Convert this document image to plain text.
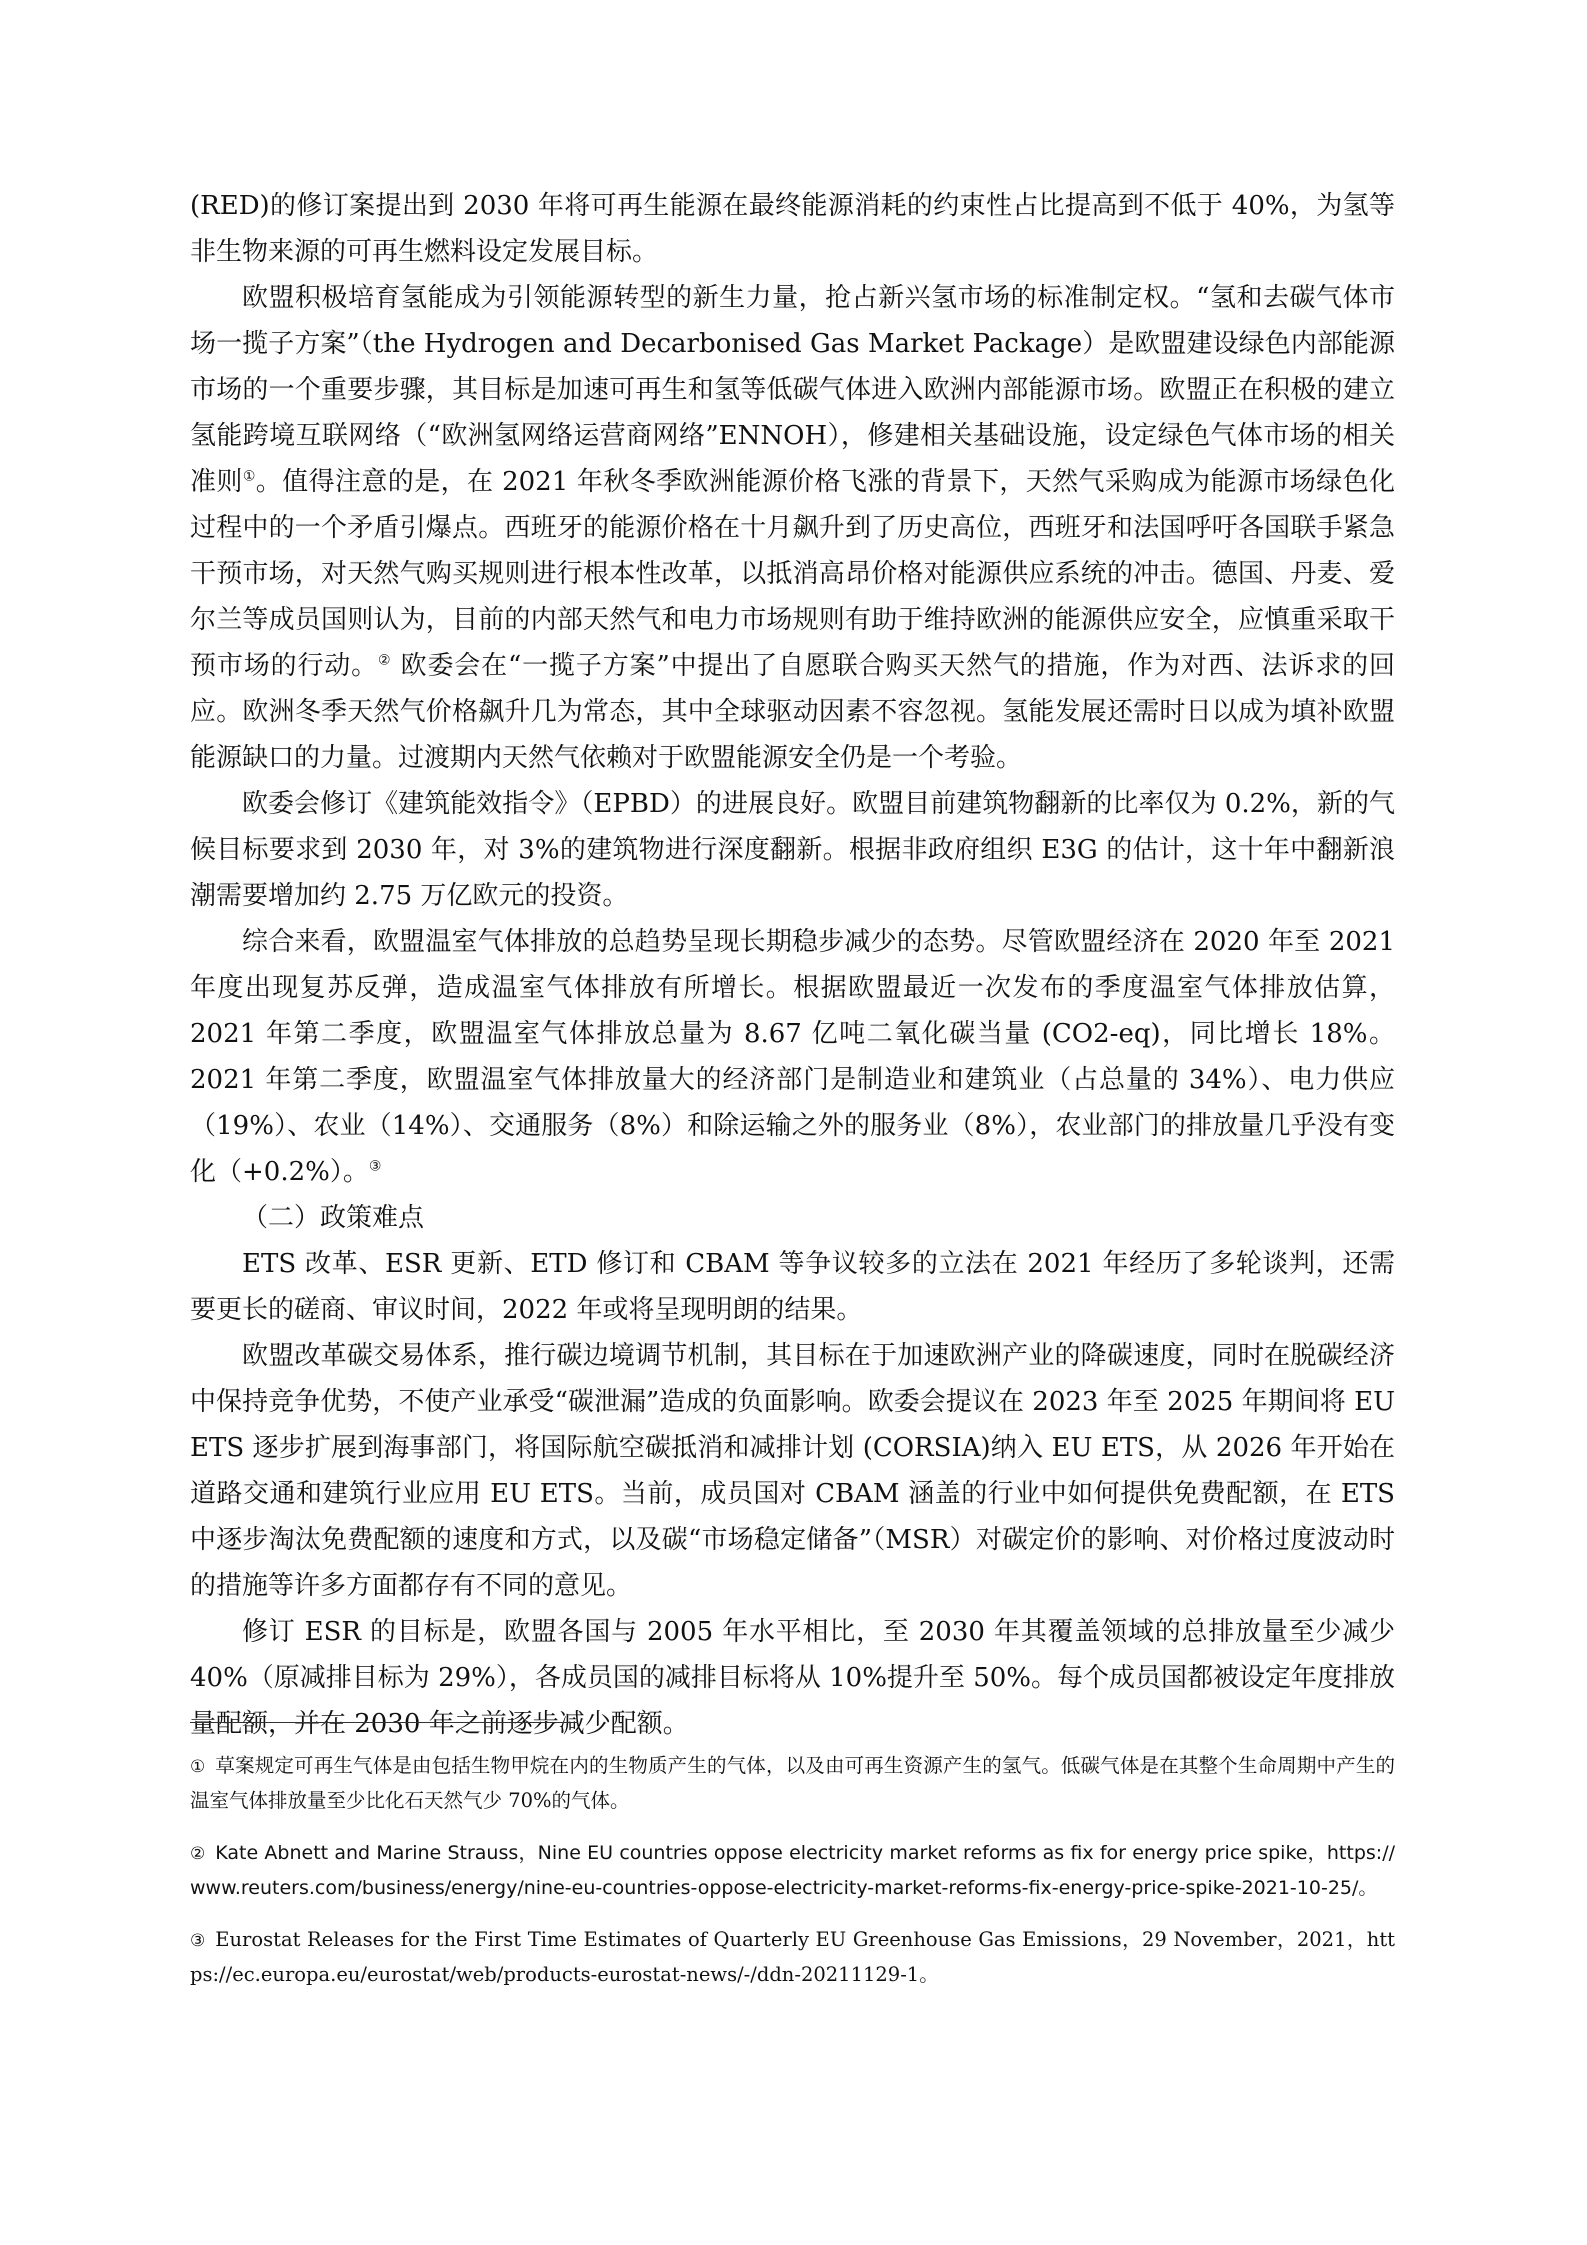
(RED)的修订案提出到 2030 年将可再生能源在最终能源消耗的约束性占比提高到不低于 40%，为氢等非生物来源的可再生燃料设定发展目标。

欧盟积极培育氢能成为引领能源转型的新生力量，抢占新兴氢市场的标准制定权。“氢和去碳气体市场一揽子方案”（the Hydrogen and Decarbonised Gas Market Package）是欧盟建设绿色内部能源市场的一个重要步骤，其目标是加速可再生和氢等低碳气体进入欧洲内部能源市场。欧盟正在积极的建立氢能跨境互联网络（“欧洲氢网络运营商网络”ENNOH），修建相关基础设施，设定绿色气体市场的相关准则①。值得注意的是，在 2021 年秋冬季欧洲能源价格飞涨的背景下，天然气采购成为能源市场绿色化过程中的一个矛盾引爆点。西班牙的能源价格在十月飙升到了历史高位，西班牙和法国呼吁各国联手紧急干预市场，对天然气购买规则进行根本性改革，以抵消高昂价格对能源供应系统的冲击。德国、丹麦、爱尔兰等成员国则认为，目前的内部天然气和电力市场规则有助于维持欧洲的能源供应安全，应慎重采取干预市场的行动。② 欧委会在“一揽子方案”中提出了自愿联合购买天然气的措施，作为对西、法诉求的回应。欧洲冬季天然气价格飙升几为常态，其中全球驱动因素不容忽视。氢能发展还需时日以成为填补欧盟能源缺口的力量。过渡期内天然气依赖对于欧盟能源安全仍是一个考验。

欧委会修订《建筑能效指令》（EPBD）的进展良好。欧盟目前建筑物翻新的比率仅为 0.2%，新的气候目标要求到 2030 年，对 3%的建筑物进行深度翻新。根据非政府组织 E3G 的估计，这十年中翻新浪潮需要增加约 2.75 万亿欧元的投资。

综合来看，欧盟温室气体排放的总趋势呈现长期稳步减少的态势。尽管欧盟经济在 2020 年至 2021 年度出现复苏反弹，造成温室气体排放有所增长。根据欧盟最近一次发布的季度温室气体排放估算，2021 年第二季度，欧盟温室气体排放总量为 8.67 亿吨二氧化碳当量 (CO2-eq)，同比增长 18%。2021 年第二季度，欧盟温室气体排放量大的经济部门是制造业和建筑业（占总量的 34%）、电力供应（19%）、农业（14%）、交通服务（8%）和除运输之外的服务业（8%），农业部门的排放量几乎没有变化（+0.2%）。③

（二）政策难点

ETS 改革、ESR 更新、ETD 修订和 CBAM 等争议较多的立法在 2021 年经历了多轮谈判，还需要更长的磋商、审议时间，2022 年或将呈现明朗的结果。

欧盟改革碳交易体系，推行碳边境调节机制，其目标在于加速欧洲产业的降碳速度，同时在脱碳经济中保持竞争优势，不使产业承受“碳泄漏”造成的负面影响。欧委会提议在 2023 年至 2025 年期间将 EU ETS 逐步扩展到海事部门，将国际航空碳抵消和减排计划 (CORSIA)纳入 EU ETS，从 2026 年开始在道路交通和建筑行业应用 EU ETS。当前，成员国对 CBAM 涵盖的行业中如何提供免费配额，在 ETS 中逐步淘汰免费配额的速度和方式，以及碳“市场稳定储备”（MSR）对碳定价的影响、对价格过度波动时的措施等许多方面都存有不同的意见。

修订 ESR 的目标是，欧盟各国与 2005 年水平相比，至 2030 年其覆盖领域的总排放量至少减少 40%（原减排目标为 29%），各成员国的减排目标将从 10%提升至 50%。每个成员国都被设定年度排放量配额，并在 2030 年之前逐步减少配额。

① 草案规定可再生气体是由包括生物甲烷在内的生物质产生的气体，以及由可再生资源产生的氢气。低碳气体是在其整个生命周期中产生的温室气体排放量至少比化石天然气少 70%的气体。

② Kate Abnett and Marine Strauss，Nine EU countries oppose electricity market reforms as fix for energy price spike，https://www.reuters.com/business/energy/nine-eu-countries-oppose-electricity-market-reforms-fix-energy-price-spike-2021-10-25/。

③ Eurostat Releases for the First Time Estimates of Quarterly EU Greenhouse Gas Emissions，29 November，2021，https://ec.europa.eu/eurostat/web/products-eurostat-news/-/ddn-20211129-1。
